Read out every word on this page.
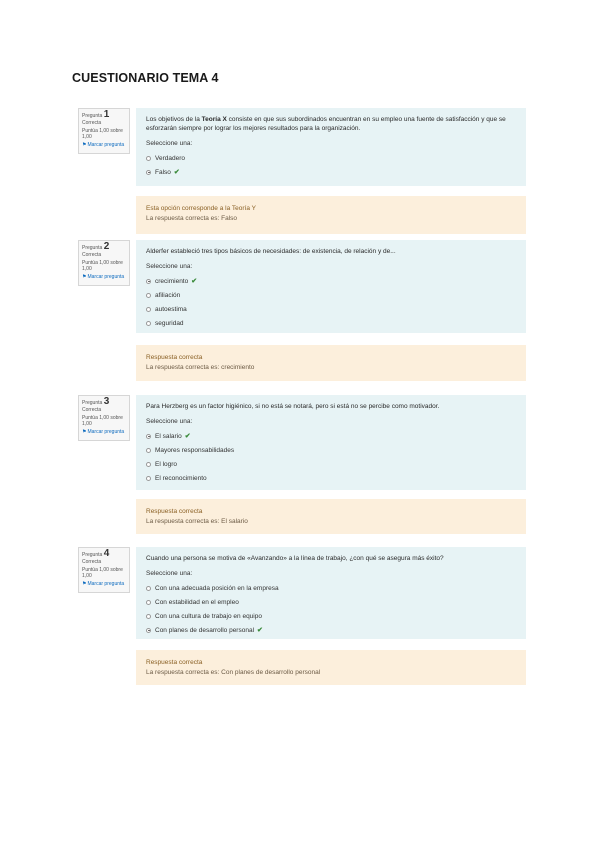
CUESTIONARIO TEMA 4
Pregunta 1
Correcta
Puntúa 1,00 sobre 1,00
⚑Marcar pregunta
Los objetivos de la Teoría X consiste en que sus subordinados encuentran en su empleo una fuente de satisfacción y que se esforzarán siempre por lograr los mejores resultados para la organización.
Seleccione una:
Verdadero
Falso ✔
Esta opción corresponde a la Teoría Y
La respuesta correcta es: Falso
Pregunta 2
Correcta
Puntúa 1,00 sobre 1,00
⚑Marcar pregunta
Alderfer estableció tres tipos básicos de necesidades: de existencia, de relación y de...
Seleccione una:
crecimiento ✔
afiliación
autoestima
seguridad
Respuesta correcta
La respuesta correcta es: crecimiento
Pregunta 3
Correcta
Puntúa 1,00 sobre 1,00
⚑Marcar pregunta
Para Herzberg es un factor higiénico, si no está se notará, pero si está no se percibe como motivador.
Seleccione una:
El salario ✔
Mayores responsabilidades
El logro
El reconocimiento
Respuesta correcta
La respuesta correcta es: El salario
Pregunta 4
Correcta
Puntúa 1,00 sobre 1,00
⚑Marcar pregunta
Cuando una persona se motiva de «Avanzando» a la línea de trabajo, ¿con qué se asegura más éxito?
Seleccione una:
Con una adecuada posición en la empresa
Con estabilidad en el empleo
Con una cultura de trabajo en equipo
Con planes de desarrollo personal ✔
Respuesta correcta
La respuesta correcta es: Con planes de desarrollo personal
